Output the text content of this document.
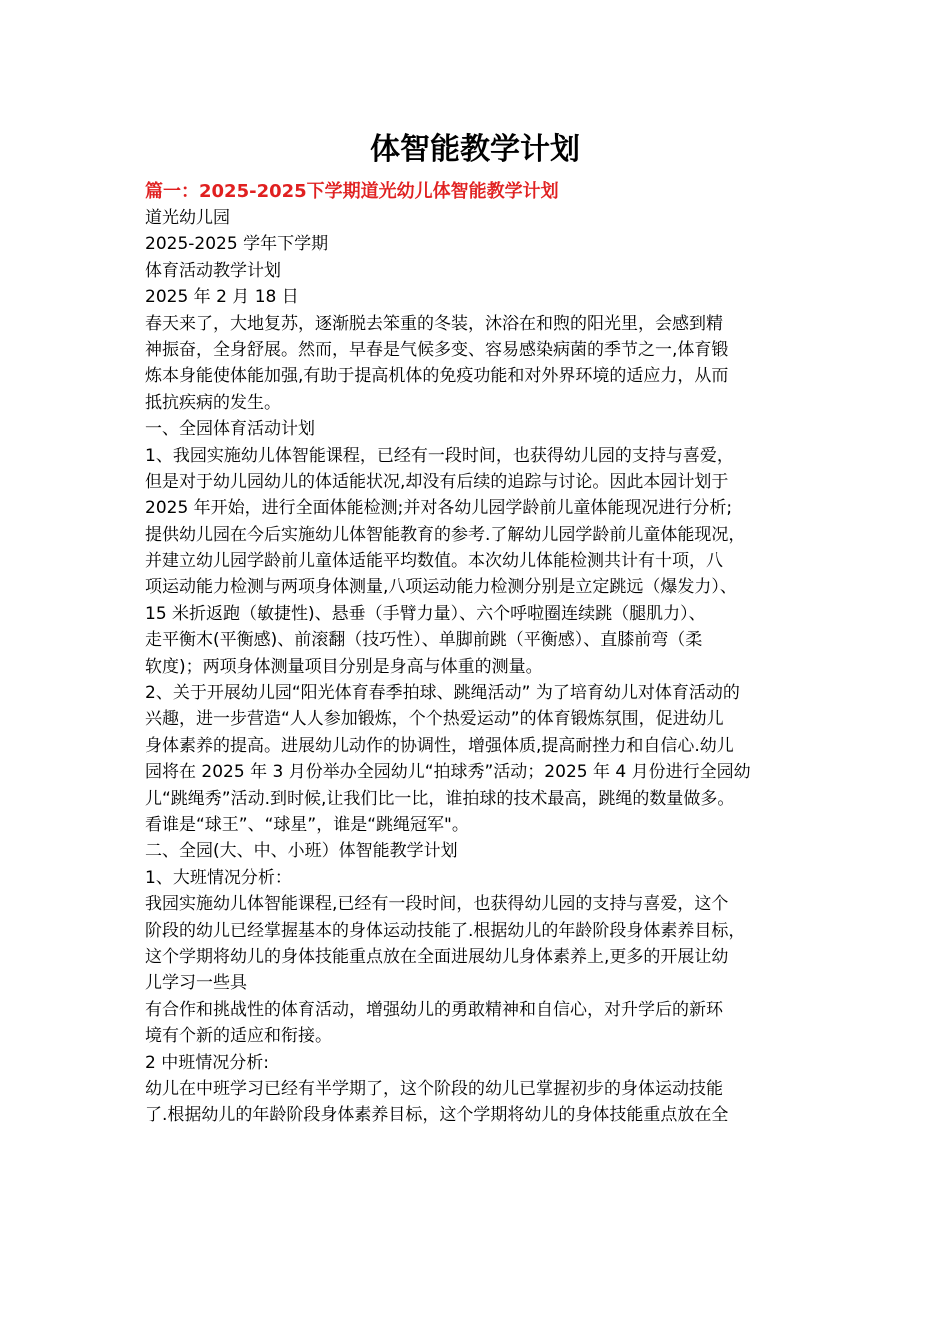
体智能教学计划
篇一：2025-2025下学期道光幼儿体智能教学计划
道光幼儿园
2025-2025 学年下学期
体育活动教学计划
2025 年 2 月 18 日
春天来了，大地复苏，逐渐脱去笨重的冬装，沐浴在和煦的阳光里，会感到精
神振奋，全身舒展。然而，早春是气候多变、容易感染病菌的季节之一,体育锻
炼本身能使体能加强,有助于提高机体的免疫功能和对外界环境的适应力，从而
抵抗疾病的发生。
一、全园体育活动计划
1、我园实施幼儿体智能课程，已经有一段时间，也获得幼儿园的支持与喜爱，
但是对于幼儿园幼儿的体适能状况,却没有后续的追踪与讨论。因此本园计划于
2025 年开始，进行全面体能检测;并对各幼儿园学龄前儿童体能现况进行分析;
提供幼儿园在今后实施幼儿体智能教育的参考.了解幼儿园学龄前儿童体能现况，
并建立幼儿园学龄前儿童体适能平均数值。本次幼儿体能检测共计有十项，八
项运动能力检测与两项身体测量,八项运动能力检测分别是立定跳远（爆发力）、
15 米折返跑（敏捷性)、悬垂（手臂力量）、六个呼啦圈连续跳（腿肌力）、
走平衡木(平衡感)、前滚翻（技巧性）、单脚前跳（平衡感）、直膝前弯（柔
软度)；两项身体测量项目分别是身高与体重的测量。
2、关于开展幼儿园“阳光体育春季拍球、跳绳活动” 为了培育幼儿对体育活动的
兴趣，进一步营造“人人参加锻炼，个个热爱运动”的体育锻炼氛围，促进幼儿
身体素养的提高。进展幼儿动作的协调性，增强体质,提高耐挫力和自信心.幼儿
园将在 2025 年 3 月份举办全园幼儿“拍球秀”活动；2025 年 4 月份进行全园幼
儿“跳绳秀”活动.到时候,让我们比一比，谁拍球的技术最高，跳绳的数量做多。
看谁是“球王”、“球星”，谁是“跳绳冠军"。
二、全园(大、中、小班）体智能教学计划
1、大班情况分析：
我园实施幼儿体智能课程,已经有一段时间，也获得幼儿园的支持与喜爱，这个
阶段的幼儿已经掌握基本的身体运动技能了.根据幼儿的年龄阶段身体素养目标，
这个学期将幼儿的身体技能重点放在全面进展幼儿身体素养上,更多的开展让幼
儿学习一些具
有合作和挑战性的体育活动，增强幼儿的勇敢精神和自信心，对升学后的新环
境有个新的适应和衔接。
2 中班情况分析:
幼儿在中班学习已经有半学期了，这个阶段的幼儿已掌握初步的身体运动技能
了.根据幼儿的年龄阶段身体素养目标，这个学期将幼儿的身体技能重点放在全
